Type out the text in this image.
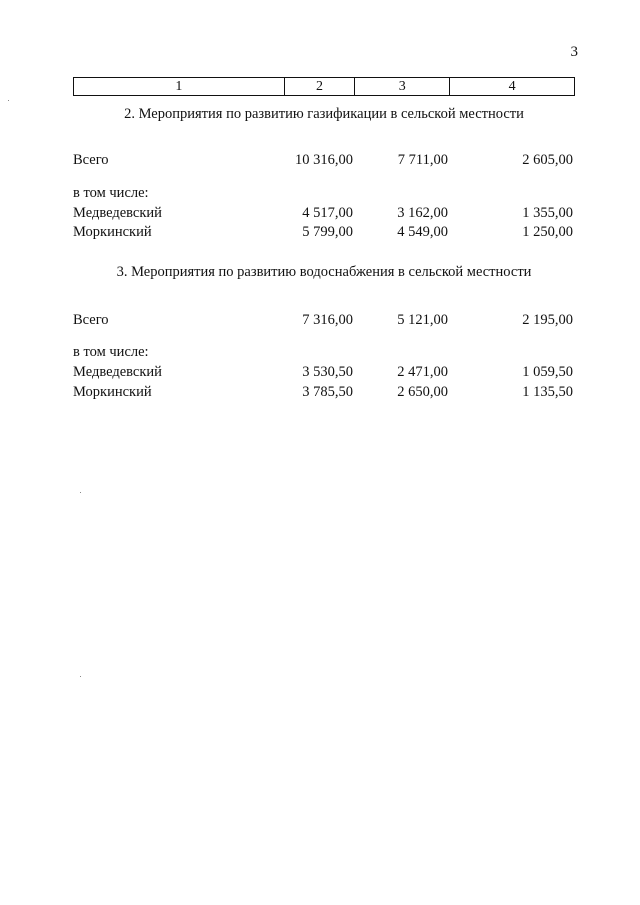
3
1	2	3	4
2. Мероприятия по развитию газификации в сельской местности
Всего	10 316,00	7 711,00	2 605,00
в том числе:
Медведевский	4 517,00	3 162,00	1 355,00
Моркинский	5 799,00	4 549,00	1 250,00
3. Мероприятия по развитию водоснабжения в сельской местности
Всего	7 316,00	5 121,00	2 195,00
в том числе:
Медведевский	3 530,50	2 471,00	1 059,50
Моркинский	3 785,50	2 650,00	1 135,50
